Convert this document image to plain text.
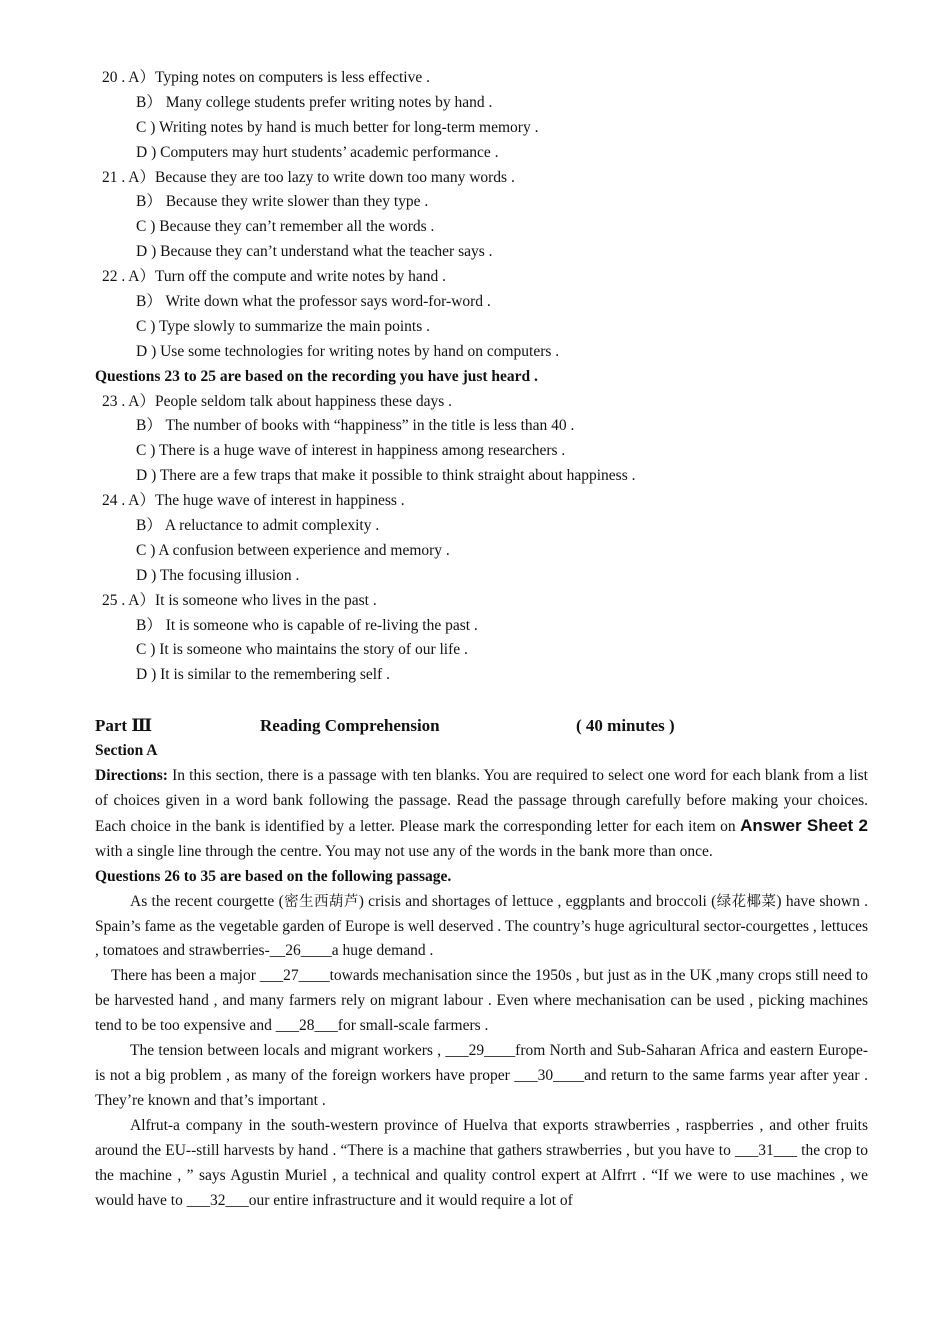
20 . A）Typing notes on computers is less effective .
B） Many college students prefer writing notes by hand .
C ) Writing notes by hand is much better for long-term memory .
D ) Computers may hurt students’ academic performance .
21 . A）Because they are too lazy to write down too many words .
B） Because they write slower than they type .
C ) Because they can’t remember all the words .
D ) Because they can’t understand what the teacher says .
22 . A）Turn off the compute and write notes by hand .
B） Write down what the professor says word-for-word .
C ) Type slowly to summarize the main points .
D ) Use some technologies for writing notes by hand on computers .
Questions 23 to 25 are based on the recording you have just heard .
23 . A）People seldom talk about happiness these days .
B） The number of books with “happiness” in the title is less than 40 .
C ) There is a huge wave of interest in happiness among researchers .
D ) There are a few traps that make it possible to think straight about happiness .
24 . A）The huge wave of interest in happiness .
B） A reluctance to admit complexity .
C ) A confusion between experience and memory .
D ) The focusing illusion .
25 . A）It is someone who lives in the past .
B） It is someone who is capable of re-living the past .
C ) It is someone who maintains the story of our life .
D ) It is similar to the remembering self .
Part Ⅲ	Reading Comprehension	( 40 minutes )
Section A
Directions: In this section, there is a passage with ten blanks. You are required to select one word for each blank from a list of choices given in a word bank following the passage. Read the passage through carefully before making your choices. Each choice in the bank is identified by a letter. Please mark the corresponding letter for each item on Answer Sheet 2 with a single line through the centre. You may not use any of the words in the bank more than once.
Questions 26 to 35 are based on the following passage.
As the recent courgette (密生西葫芦) crisis and shortages of lettuce , eggplants and broccoli (绿花椰菜) have shown . Spain’s fame as the vegetable garden of Europe is well deserved . The country’s huge agricultural sector-courgettes , lettuces , tomatoes and strawberries-__26____a huge demand .
There has been a major ___27____towards mechanisation since the 1950s , but just as in the UK ,many crops still need to be harvested hand , and many farmers rely on migrant labour . Even where mechanisation can be used , picking machines tend to be too expensive and ___28___for small-scale farmers .
The tension between locals and migrant workers , ___29____from North and Sub-Saharan Africa and eastern Europe-is not a big problem , as many of the foreign workers have proper ___30____and return to the same farms year after year . They’re known and that’s important .
Alfrut-a company in the south-western province of Huelva that exports strawberries , raspberries , and other fruits around the EU--still harvests by hand . “There is a machine that gathers strawberries , but you have to ___31___ the crop to the machine , ” says Agustin Muriel , a technical and quality control expert at Alfrrt . “If we were to use machines , we would have to ___32___our entire infrastructure and it would require a lot of
